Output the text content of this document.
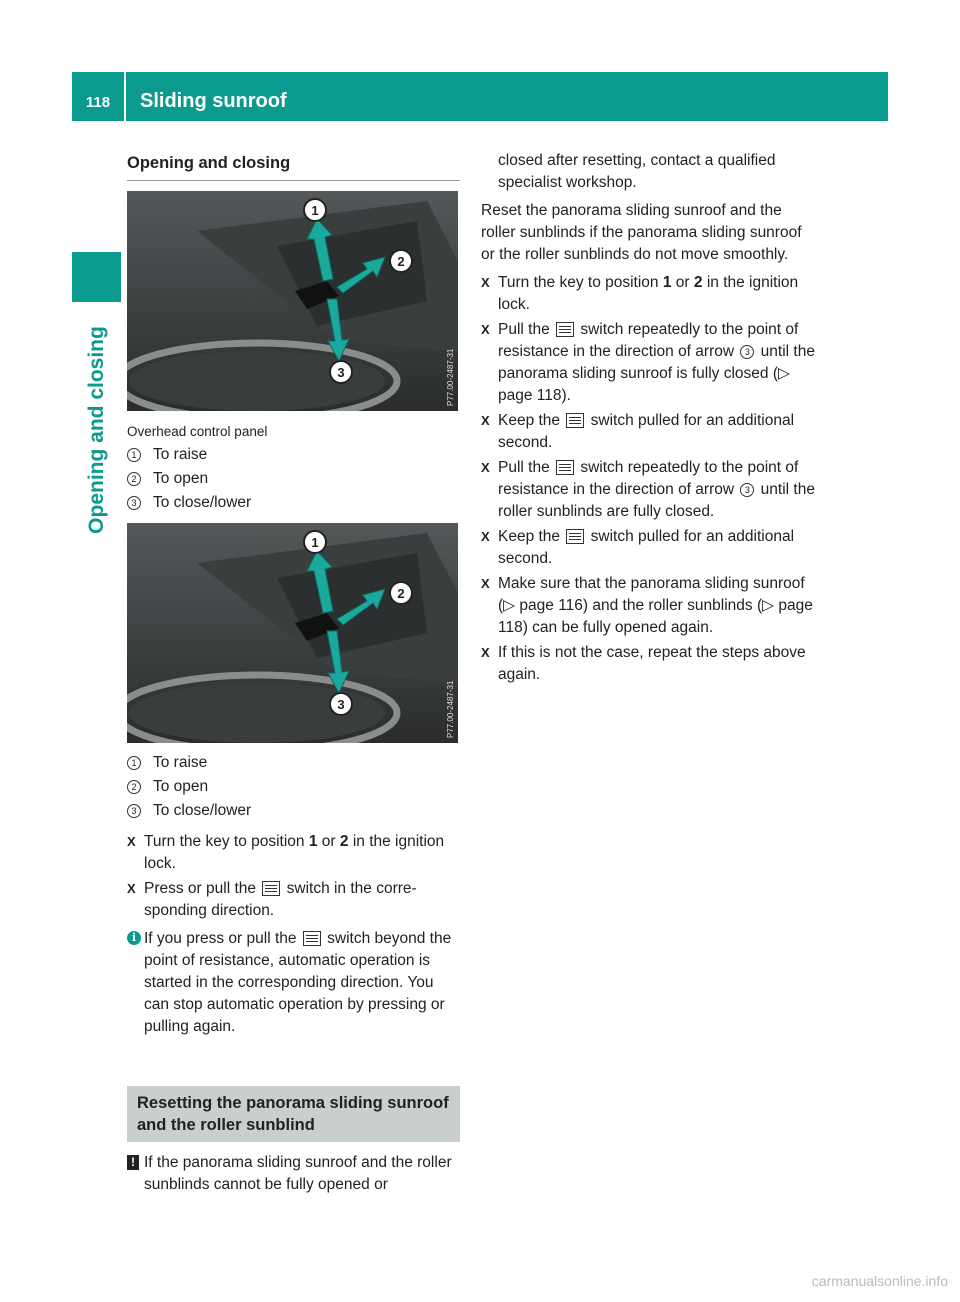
118	Sliding sunroof
Opening and closing
Opening and closing
1
2
3	P77.00-2487-31
Overhead control panel
1 To raise
2 To open
3 To close/lower
1
2
3	P77.00-2487-31
1 To raise
2 To open
3 To close/lower
X Turn the key to position 1 or 2 in the ignition lock.
X Press or pull the  switch in the corresponding direction.
i If you press or pull the  switch beyond the point of resistance, automatic operation is started in the corresponding direction. You can stop automatic operation by pressing or pulling again.
Resetting the panorama sliding sunroof and the roller sunblind
! If the panorama sliding sunroof and the roller sunblinds cannot be fully opened or

closed after resetting, contact a qualified specialist workshop.

Reset the panorama sliding sunroof and the roller sunblinds if the panorama sliding sunroof or the roller sunblinds do not move smoothly.

X Turn the key to position 1 or 2 in the ignition lock.
X Pull the  switch repeatedly to the point of resistance in the direction of arrow 3 until the panorama sliding sunroof is fully closed (▷ page 118).
X Keep the  switch pulled for an additional second.
X Pull the  switch repeatedly to the point of resistance in the direction of arrow 3 until the roller sunblinds are fully closed.
X Keep the  switch pulled for an additional second.
X Make sure that the panorama sliding sunroof (▷ page 116) and the roller sunblinds (▷ page 118) can be fully opened again.
X If this is not the case, repeat the steps above again.
carmanualsonline.info
